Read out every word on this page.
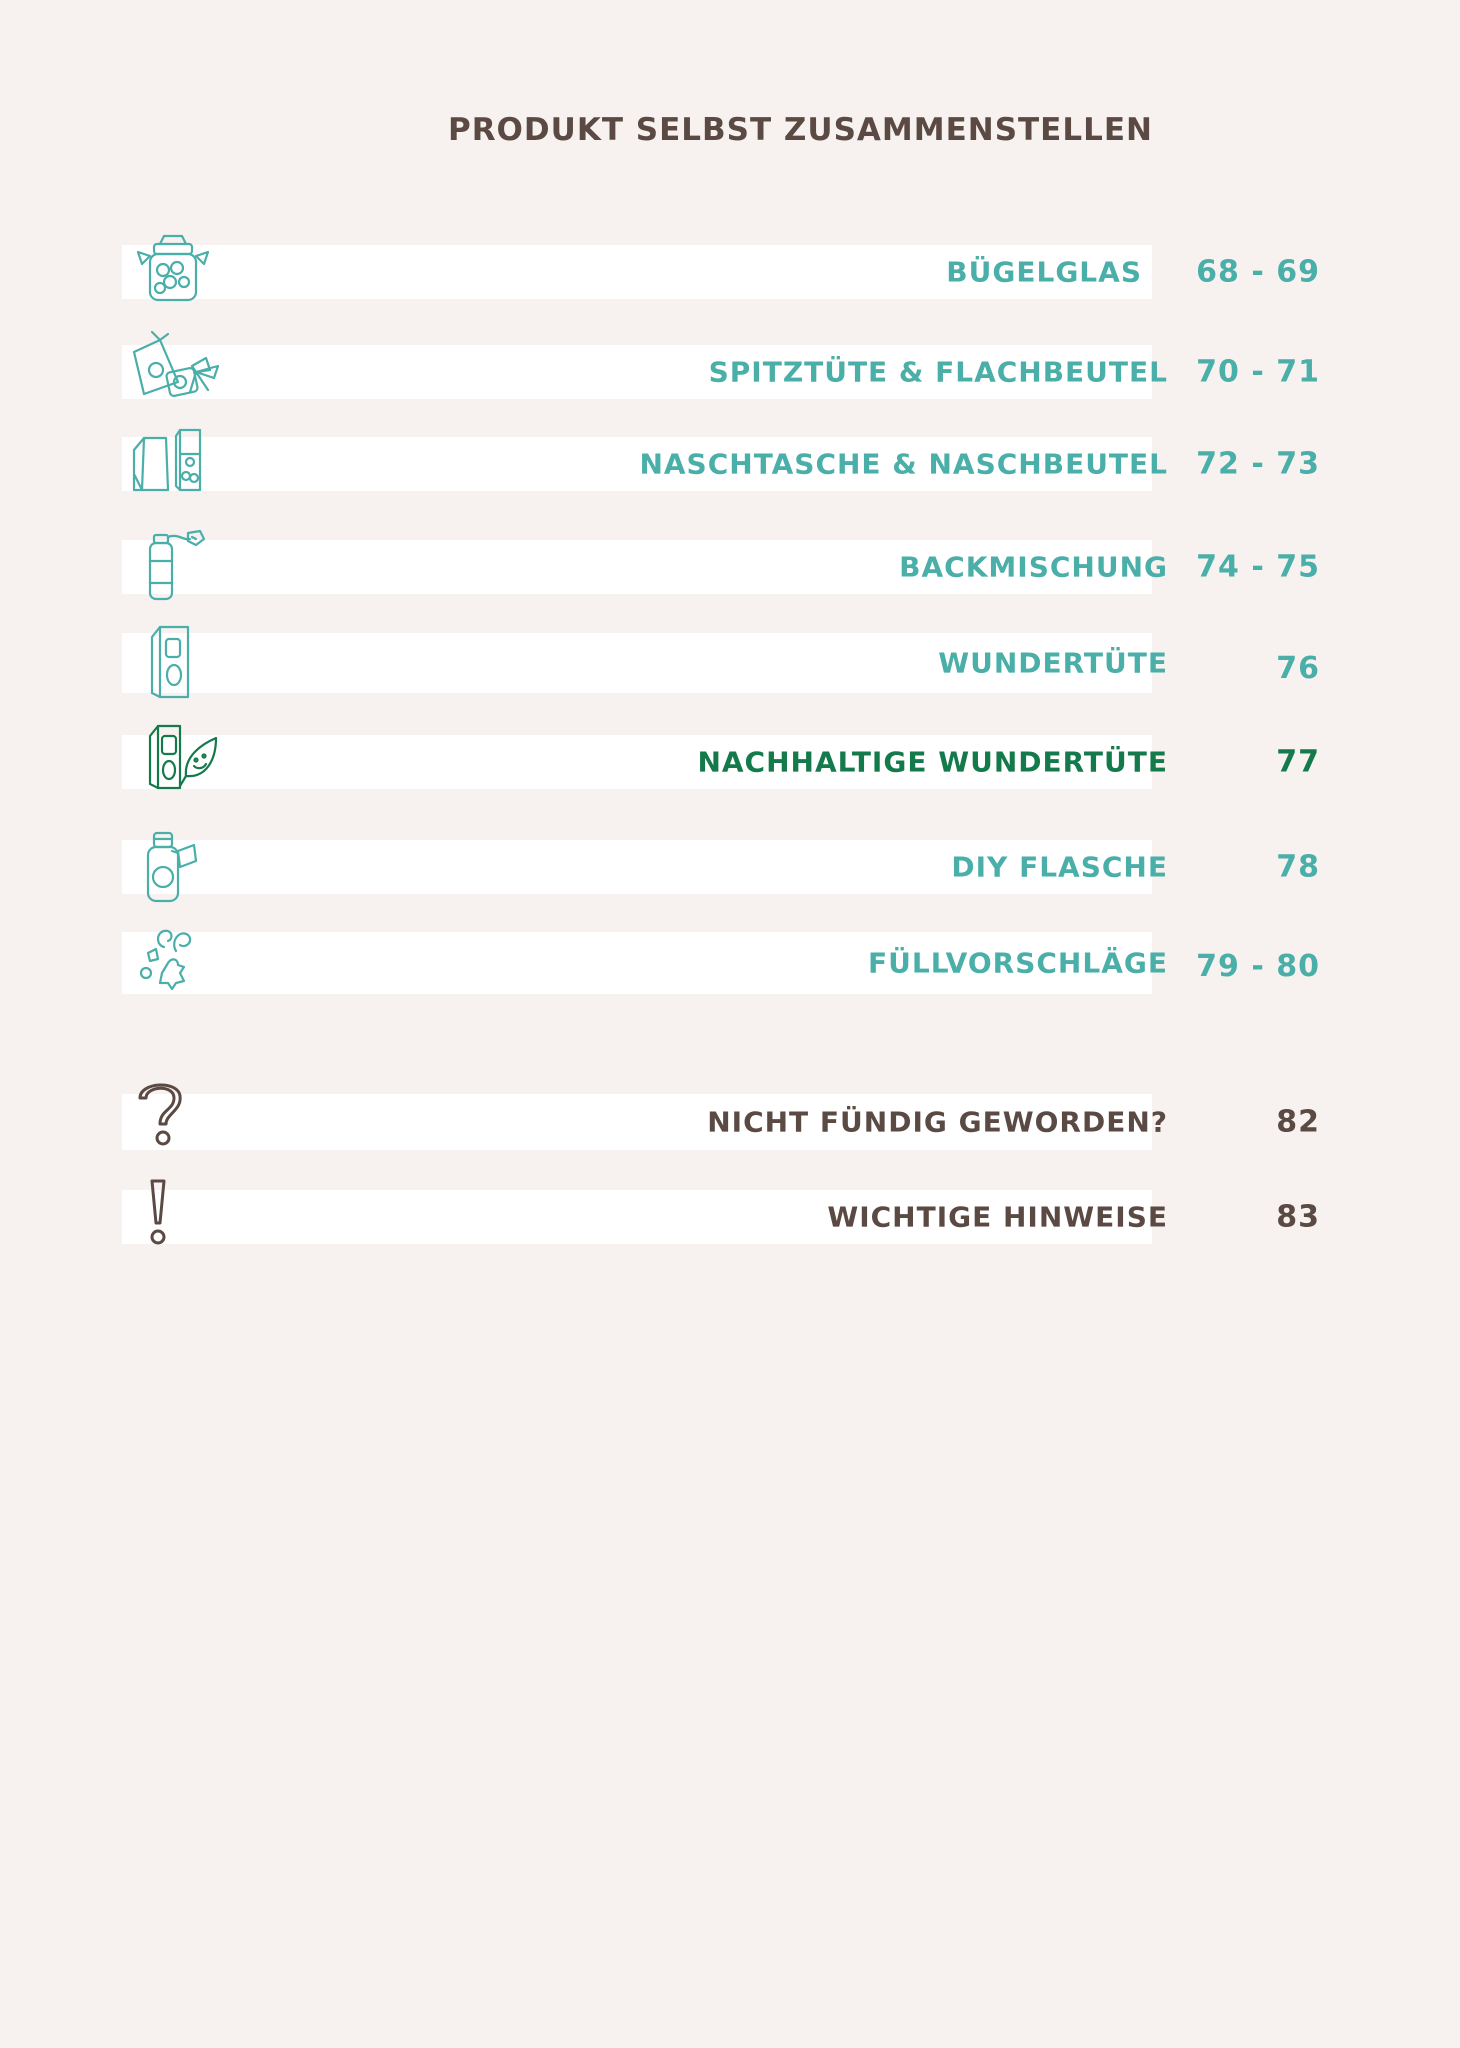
PRODUKT SELBST ZUSAMMENSTELLEN
BÜGELGLAS	68 - 69
SPITZTÜTE & FLACHBEUTEL 70 - 71
NASCHTASCHE & NASCHBEUTEL 72 - 73
BACKMISCHUNG 74 - 75
WUNDERTÜTE	76
NACHHALTIGE WUNDERTÜTE	77
DIY FLASCHE	78
FÜLLVORSCHLÄGE 79 - 80
NICHT FÜNDIG GEWORDEN?	82
WICHTIGE HINWEISE	83
